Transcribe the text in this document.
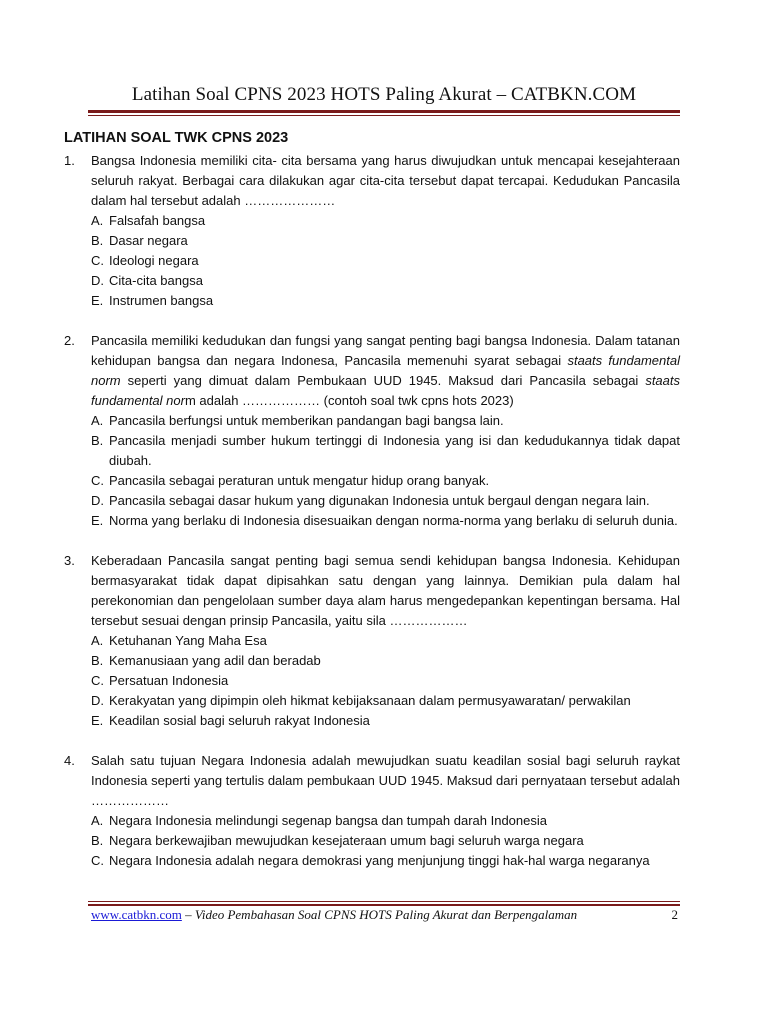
Latihan Soal CPNS 2023 HOTS Paling Akurat – CATBKN.COM
LATIHAN SOAL TWK CPNS 2023
1.	Bangsa Indonesia memiliki cita- cita bersama yang harus diwujudkan untuk mencapai kesejahteraan seluruh rakyat. Berbagai cara dilakukan agar cita-cita tersebut dapat tercapai. Kedudukan Pancasila dalam hal tersebut adalah …………………
A. Falsafah bangsa
B. Dasar negara
C. Ideologi negara
D. Cita-cita bangsa
E. Instrumen bangsa
2.	Pancasila memiliki kedudukan dan fungsi yang sangat penting bagi bangsa Indonesia. Dalam tatanan kehidupan bangsa dan negara Indonesa, Pancasila memenuhi syarat sebagai staats fundamental norm seperti yang dimuat dalam Pembukaan UUD 1945. Maksud dari Pancasila sebagai staats fundamental norm adalah ……………… (contoh soal twk cpns hots 2023)
A. Pancasila berfungsi untuk memberikan pandangan bagi bangsa lain.
B. Pancasila menjadi sumber hukum tertinggi di Indonesia yang isi dan kedudukannya tidak dapat diubah.
C. Pancasila sebagai peraturan untuk mengatur hidup orang banyak.
D. Pancasila sebagai dasar hukum yang digunakan Indonesia untuk bergaul dengan negara lain.
E. Norma yang berlaku di Indonesia disesuaikan dengan norma-norma yang berlaku di seluruh dunia.
3.	Keberadaan Pancasila sangat penting bagi semua sendi kehidupan bangsa Indonesia. Kehidupan bermasyarakat tidak dapat dipisahkan satu dengan yang lainnya. Demikian pula dalam hal perekonomian dan pengelolaan sumber daya alam harus mengedepankan kepentingan bersama. Hal tersebut sesuai dengan prinsip Pancasila, yaitu sila ………………
A. Ketuhanan Yang Maha Esa
B. Kemanusiaan yang adil dan beradab
C. Persatuan Indonesia
D. Kerakyatan yang dipimpin oleh hikmat kebijaksanaan dalam permusyawaratan/ perwakilan
E. Keadilan sosial bagi seluruh rakyat Indonesia
4.	Salah satu tujuan Negara Indonesia adalah mewujudkan suatu keadilan sosial bagi seluruh raykat Indonesia seperti yang tertulis dalam pembukaan UUD 1945. Maksud dari pernyataan tersebut adalah ………………
A. Negara Indonesia melindungi segenap bangsa dan tumpah darah Indonesia
B. Negara berkewajiban mewujudkan kesejateraan umum bagi seluruh warga negara
C. Negara Indonesia adalah negara demokrasi yang menjunjung tinggi hak-hal warga negaranya
www.catbkn.com – Video Pembahasan Soal CPNS HOTS Paling Akurat dan Berpengalaman	2
